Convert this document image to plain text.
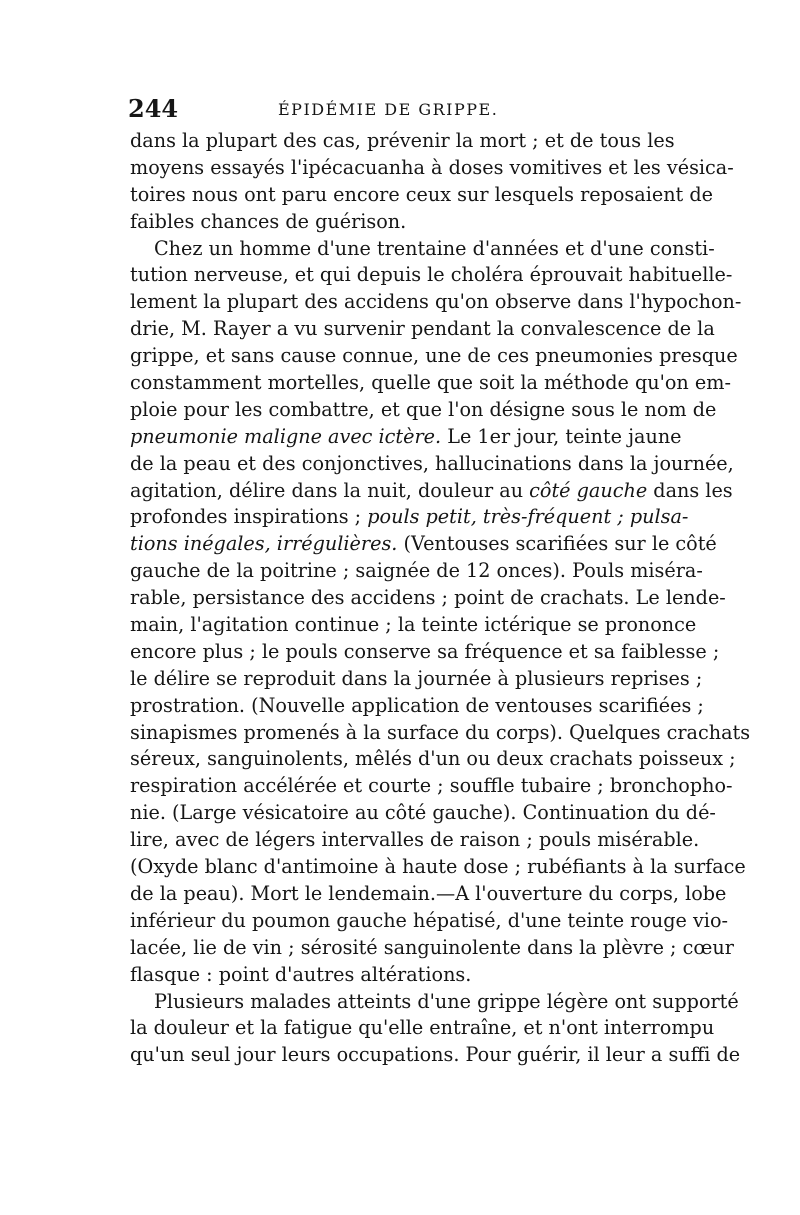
244	ÉPIDÉMIE DE GRIPPE.
dans la plupart des cas, prévenir la mort ; et de tous les
moyens essayés l'ipécacuanha à doses vomitives et les vésica-
toires nous ont paru encore ceux sur lesquels reposaient de
faibles chances de guérison.
Chez un homme d'une trentaine d'années et d'une consti-
tution nerveuse, et qui depuis le choléra éprouvait habituelle-
lement la plupart des accidens qu'on observe dans l'hypochon-
drie, M. Rayer a vu survenir pendant la convalescence de la
grippe, et sans cause connue, une de ces pneumonies presque
constamment mortelles, quelle que soit la méthode qu'on em-
ploie pour les combattre, et que l'on désigne sous le nom de
pneumonie maligne avec ictère. Le 1er jour, teinte jaune
de la peau et des conjonctives, hallucinations dans la journée,
agitation, délire dans la nuit, douleur au côté gauche dans les
profondes inspirations ; pouls petit, très-fréquent ; pulsa-
tions inégales, irrégulières. (Ventouses scarifiées sur le côté
gauche de la poitrine ; saignée de 12 onces). Pouls miséra-
rable, persistance des accidens ; point de crachats. Le lende-
main, l'agitation continue ; la teinte ictérique se prononce
encore plus ; le pouls conserve sa fréquence et sa faiblesse ;
le délire se reproduit dans la journée à plusieurs reprises ;
prostration. (Nouvelle application de ventouses scarifiées ;
sinapismes promenés à la surface du corps). Quelques crachats
séreux, sanguinolents, mêlés d'un ou deux crachats poisseux ;
respiration accélérée et courte ; souffle tubaire ; bronchopho-
nie. (Large vésicatoire au côté gauche). Continuation du dé-
lire, avec de légers intervalles de raison ; pouls misérable.
(Oxyde blanc d'antimoine à haute dose ; rubéfiants à la surface
de la peau). Mort le lendemain.—A l'ouverture du corps, lobe
inférieur du poumon gauche hépatisé, d'une teinte rouge vio-
lacée, lie de vin ; sérosité sanguinolente dans la plèvre ; cœur
flasque : point d'autres altérations.
Plusieurs malades atteints d'une grippe légère ont supporté
la douleur et la fatigue qu'elle entraîne, et n'ont interrompu
qu'un seul jour leurs occupations. Pour guérir, il leur a suffi de
